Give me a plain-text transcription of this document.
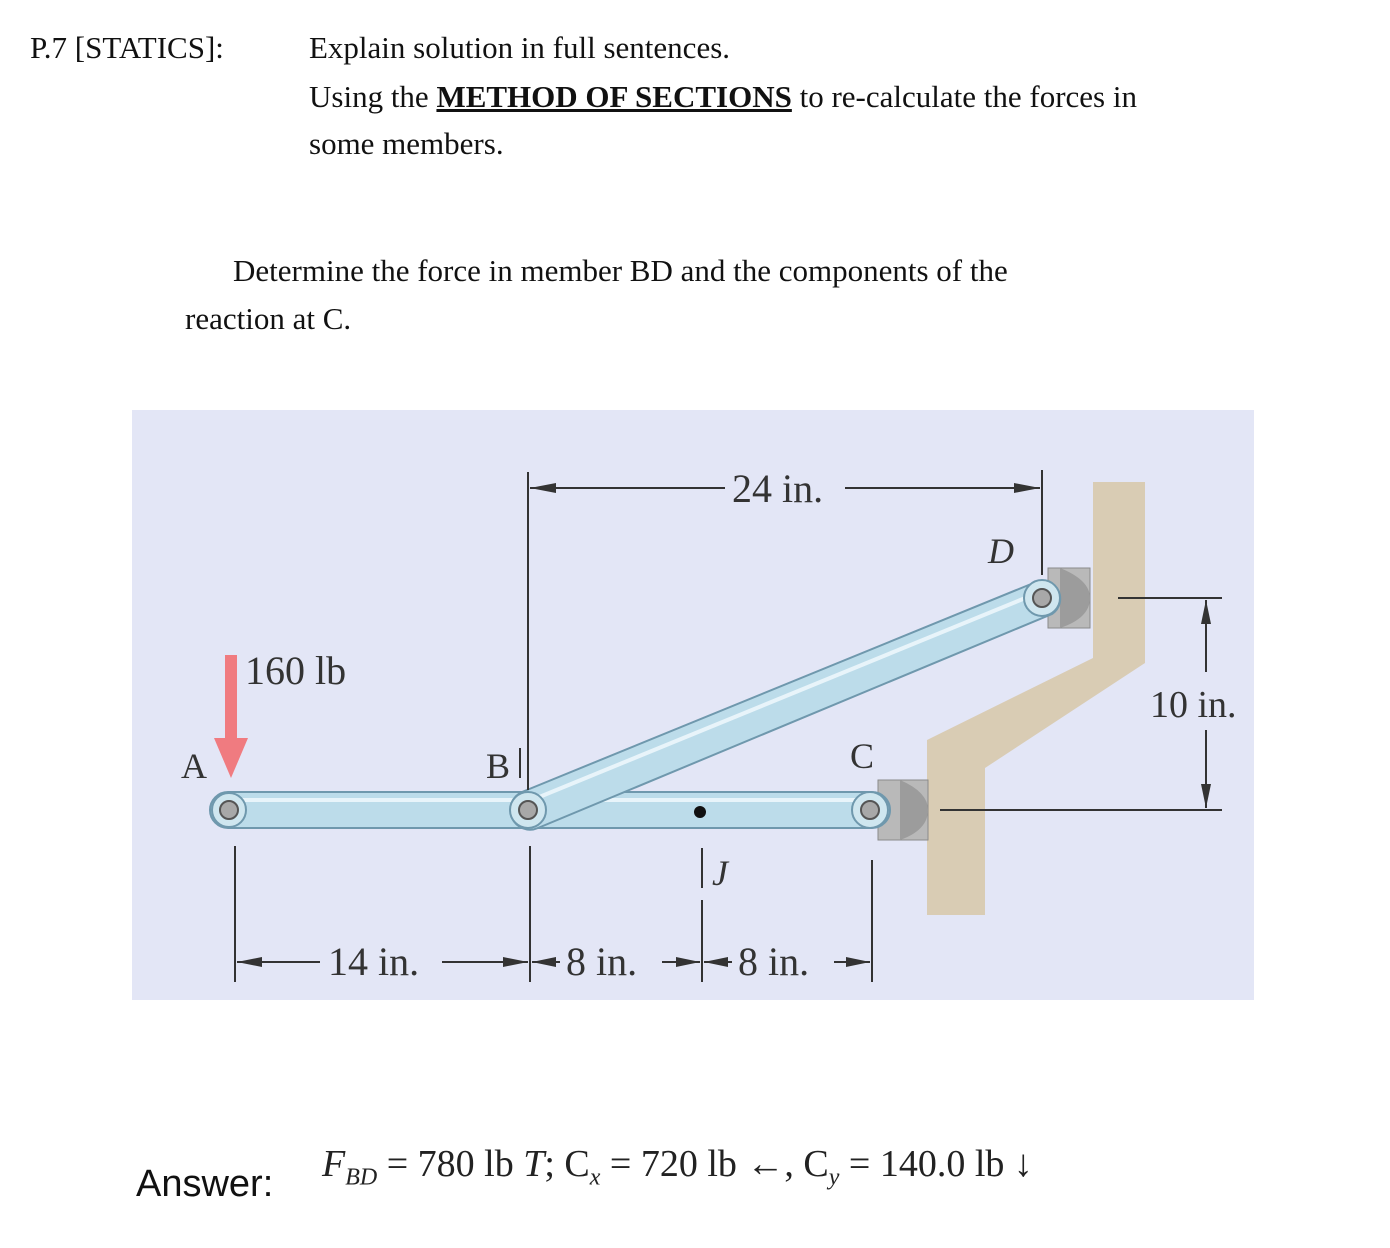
P.7 [STATICS]:	Explain solution in full sentences.
Using the METHOD OF SECTIONS to re-calculate the forces in
some members.
Determine the force in member BD and the components of the
reaction at C.
160 lb
A	B	C
D
J
24 in.
10 in.
14 in.	8 in.	8 in.
Answer: $F_{BD} = 780$ lb T; $C_x = 720$ lb ←, $C_y = 140.0$ lb ↓
